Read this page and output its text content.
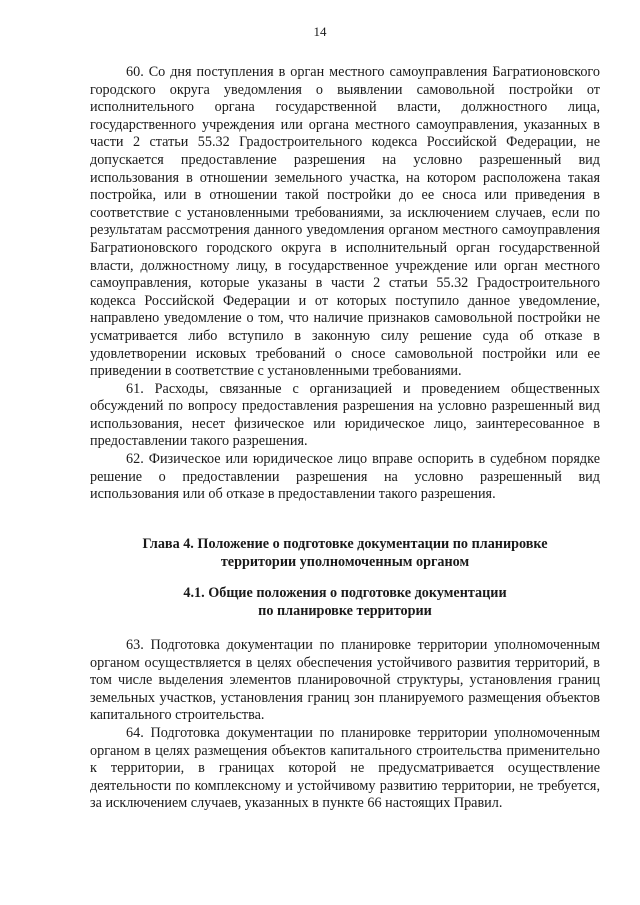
14

60. Со дня поступления в орган местного самоуправления Багратионовского городского округа уведомления о выявлении самовольной постройки от исполнительного органа государственной власти, должностного лица, государственного учреждения или органа местного самоуправления, указанных в части 2 статьи 55.32 Градостроительного кодекса Российской Федерации, не допускается предоставление разрешения на условно разрешенный вид использования в отношении земельного участка, на котором расположена такая постройка, или в отношении такой постройки до ее сноса или приведения в соответствие с установленными требованиями, за исключением случаев, если по результатам рассмотрения данного уведомления органом местного самоуправления Багратионовского городского округа в исполнительный орган государственной власти, должностному лицу, в государственное учреждение или орган местного самоуправления, которые указаны в части 2 статьи 55.32 Градостроительного кодекса Российской Федерации и от которых поступило данное уведомление, направлено уведомление о том, что наличие признаков самовольной постройки не усматривается либо вступило в законную силу решение суда об отказе в удовлетворении исковых требований о сносе самовольной постройки или ее приведении в соответствие с установленными требованиями.

61. Расходы, связанные с организацией и проведением общественных обсуждений по вопросу предоставления разрешения на условно разрешенный вид использования, несет физическое или юридическое лицо, заинтересованное в предоставлении такого разрешения.

62. Физическое или юридическое лицо вправе оспорить в судебном порядке решение о предоставлении разрешения на условно разрешенный вид использования или об отказе в предоставлении такого разрешения.

Глава 4. Положение о подготовке документации по планировке
территории уполномоченным органом
4.1. Общие положения о подготовке документации
по планировке территории

63. Подготовка документации по планировке территории уполномоченным органом осуществляется в целях обеспечения устойчивого развития территорий, в том числе выделения элементов планировочной структуры, установления границ земельных участков, установления границ зон планируемого размещения объектов капитального строительства.

64. Подготовка документации по планировке территории уполномоченным органом в целях размещения объектов капитального строительства применительно к территории, в границах которой не предусматривается осуществление деятельности по комплексному и устойчивому развитию территории, не требуется, за исключением случаев, указанных в пункте 66 настоящих Правил.
